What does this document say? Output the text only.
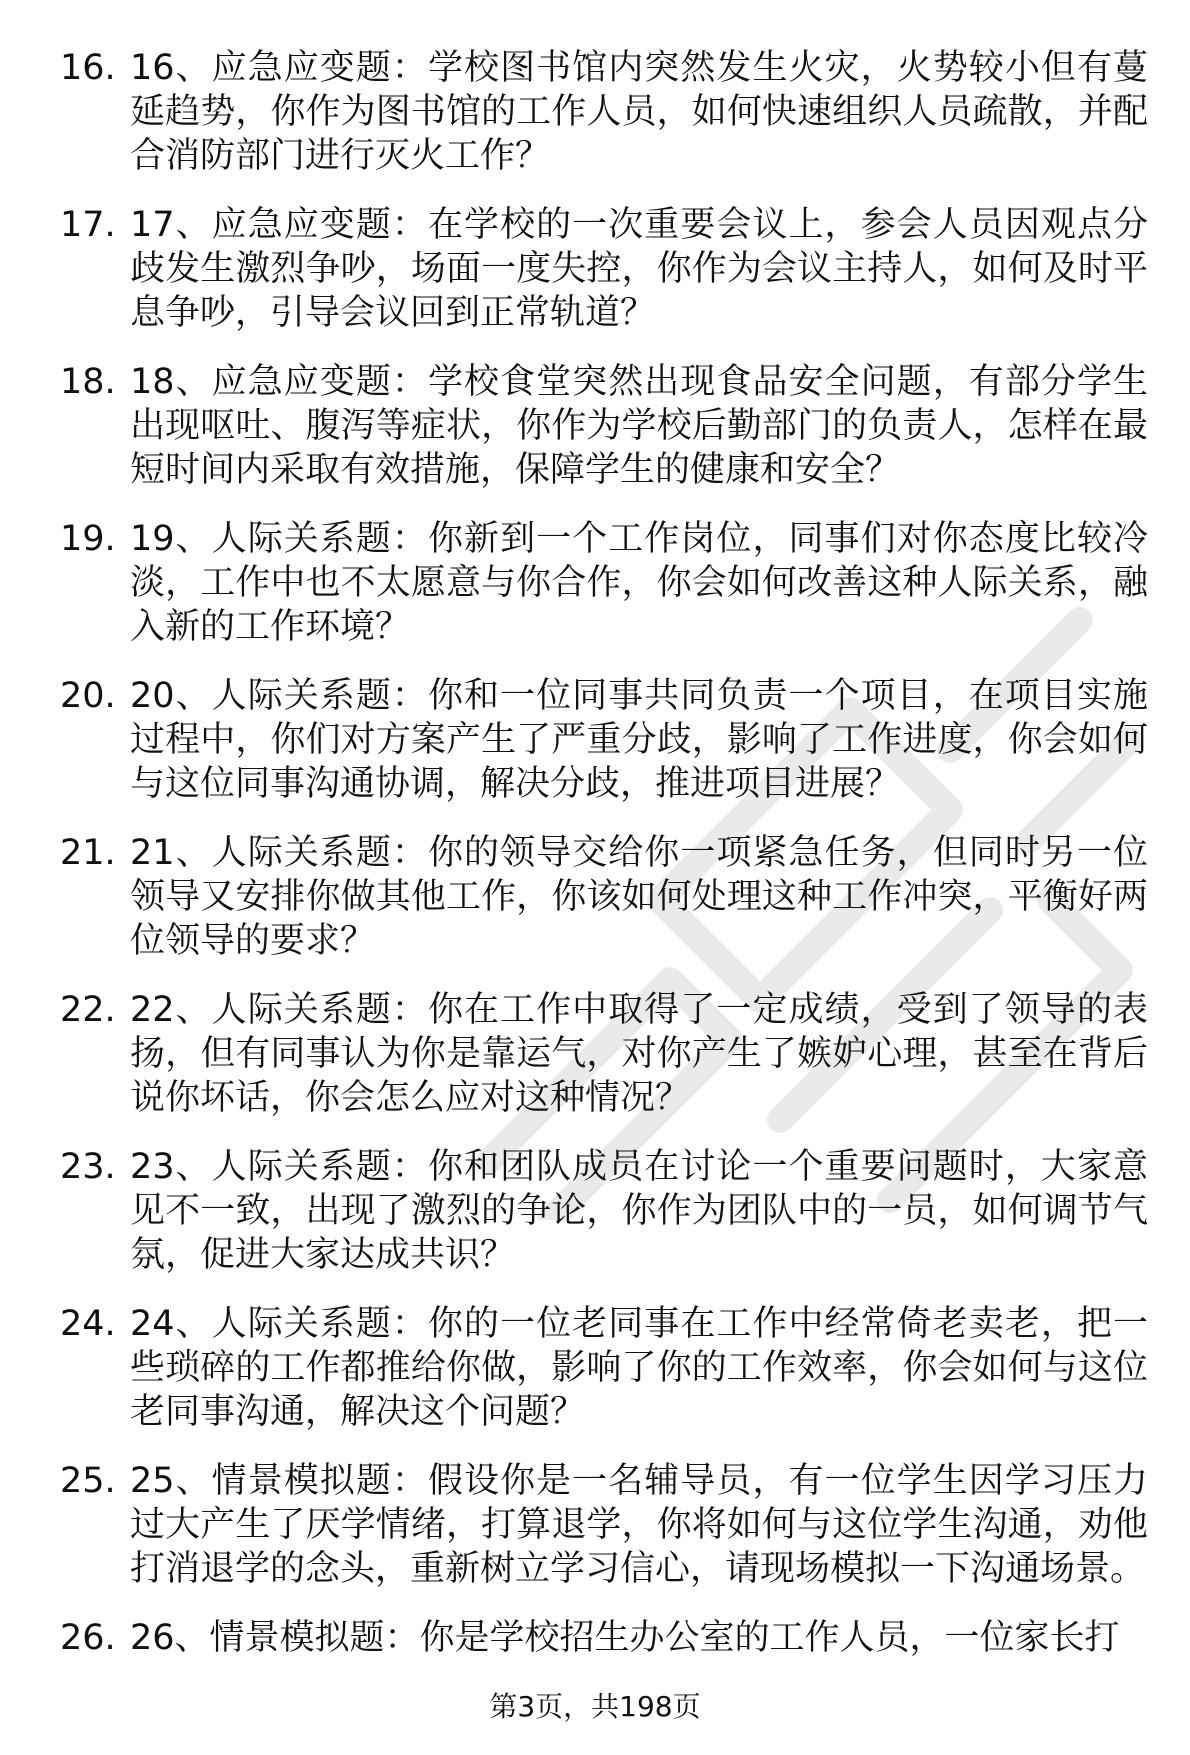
16. 16、应急应变题：学校图书馆内突然发生火灾，火势较小但有蔓延趋势，你作为图书馆的工作人员，如何快速组织人员疏散，并配合消防部门进行灭火工作？
17. 17、应急应变题：在学校的一次重要会议上，参会人员因观点分歧发生激烈争吵，场面一度失控，你作为会议主持人，如何及时平息争吵，引导会议回到正常轨道？
18. 18、应急应变题：学校食堂突然出现食品安全问题，有部分学生出现呕吐、腹泻等症状，你作为学校后勤部门的负责人，怎样在最短时间内采取有效措施，保障学生的健康和安全？
19. 19、人际关系题：你新到一个工作岗位，同事们对你态度比较冷淡，工作中也不太愿意与你合作，你会如何改善这种人际关系，融入新的工作环境？
20. 20、人际关系题：你和一位同事共同负责一个项目，在项目实施过程中，你们对方案产生了严重分歧，影响了工作进度，你会如何与这位同事沟通协调，解决分歧，推进项目进展？
21. 21、人际关系题：你的领导交给你一项紧急任务，但同时另一位领导又安排你做其他工作，你该如何处理这种工作冲突，平衡好两位领导的要求？
22. 22、人际关系题：你在工作中取得了一定成绩，受到了领导的表扬，但有同事认为你是靠运气，对你产生了嫉妒心理，甚至在背后说你坏话，你会怎么应对这种情况？
23. 23、人际关系题：你和团队成员在讨论一个重要问题时，大家意见不一致，出现了激烈的争论，你作为团队中的一员，如何调节气氛，促进大家达成共识？
24. 24、人际关系题：你的一位老同事在工作中经常倚老卖老，把一些琐碎的工作都推给你做，影响了你的工作效率，你会如何与这位老同事沟通，解决这个问题？
25. 25、情景模拟题：假设你是一名辅导员，有一位学生因学习压力过大产生了厌学情绪，打算退学，你将如何与这位学生沟通，劝他打消退学的念头，重新树立学习信心，请现场模拟一下沟通场景。
26. 26、情景模拟题：你是学校招生办公室的工作人员，一位家长打
第3页，共198页
